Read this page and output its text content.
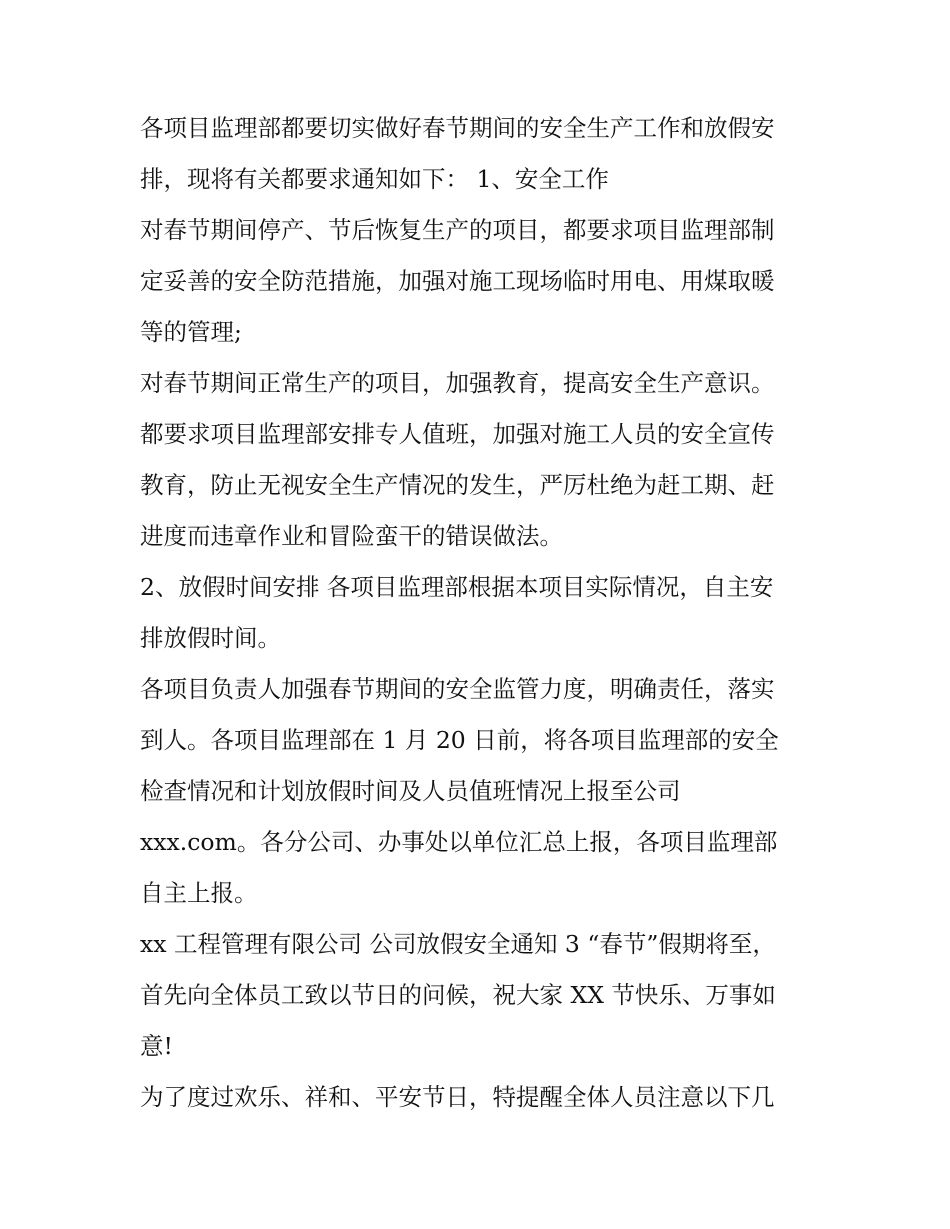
各项目监理部都要切实做好春节期间的安全生产工作和放假安
排，现将有关都要求通知如下： 1、安全工作
对春节期间停产、节后恢复生产的项目，都要求项目监理部制
定妥善的安全防范措施，加强对施工现场临时用电、用煤取暖
等的管理;
对春节期间正常生产的项目，加强教育，提高安全生产意识。
都要求项目监理部安排专人值班，加强对施工人员的安全宣传
教育，防止无视安全生产情况的发生，严厉杜绝为赶工期、赶
进度而违章作业和冒险蛮干的错误做法。
2、放假时间安排 各项目监理部根据本项目实际情况，自主安
排放假时间。
各项目负责人加强春节期间的安全监管力度，明确责任，落实
到人。各项目监理部在 1 月 20 日前，将各项目监理部的安全
检查情况和计划放假时间及人员值班情况上报至公司
xxx.com。各分公司、办事处以单位汇总上报，各项目监理部
自主上报。
xx 工程管理有限公司 公司放假安全通知 3 “春节”假期将至，
首先向全体员工致以节日的问候，祝大家 XX 节快乐、万事如
意!
为了度过欢乐、祥和、平安节日，特提醒全体人员注意以下几
